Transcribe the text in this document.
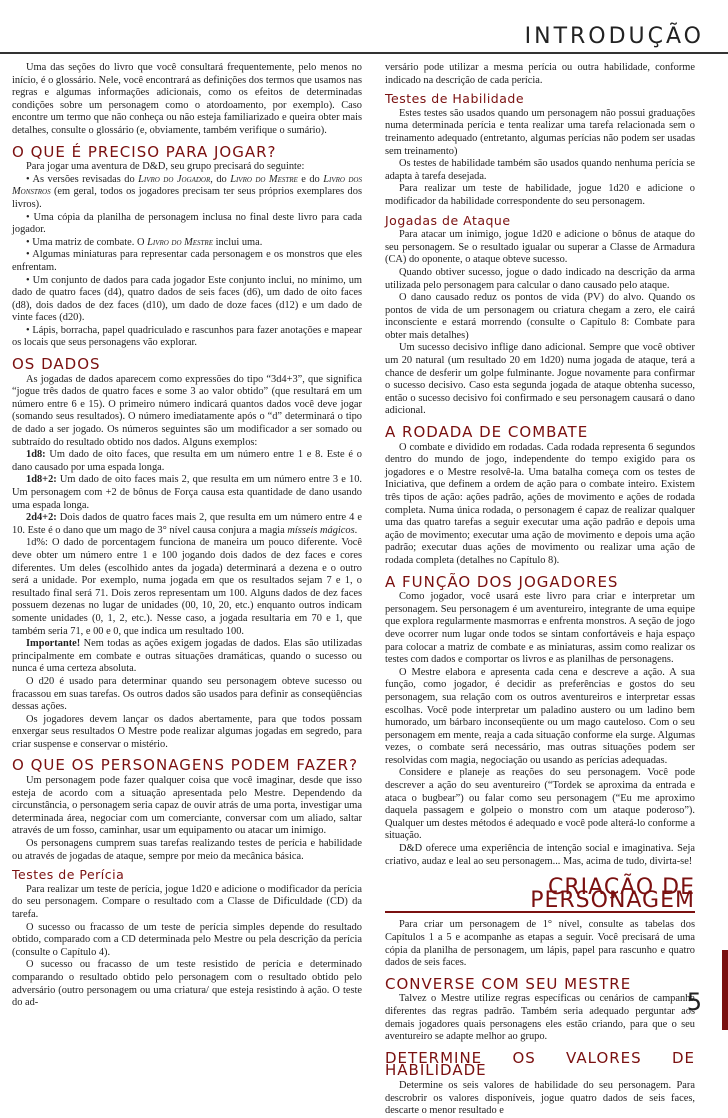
INTRODUÇÃO

Uma das seções do livro que você consultará frequentemente, pelo menos no início, é o glossário. Nele, você encontrará as definições dos termos que usamos nas regras e algumas informações adicionais, como os efeitos de determinadas condições sobre um personagem como o atordoamento, por exemplo). Caso encontre um termo que não conheça ou não esteja familiarizado e queira obter mais detalhes, consulte o glossário (e, obviamente, também verifique o sumário).

O QUE É PRECISO PARA JOGAR?

Para jogar uma aventura de D&D, seu grupo precisará do seguinte:

• As versões revisadas do Livro do Jogador, do Livro do Mestre e do Livro dos Monstros (em geral, todos os jogadores precisam ter seus próprios exemplares dos livros).

• Uma cópia da planilha de personagem inclusa no final deste livro para cada jogador.

• Uma matriz de combate. O Livro do Mestre inclui uma.

• Algumas miniaturas para representar cada personagem e os monstros que eles enfrentam.

• Um conjunto de dados para cada jogador Este conjunto inclui, no mínimo, um dado de quatro faces (d4), quatro dados de seis faces (d6), um dado de oito faces (d8), dois dados de dez faces (d10), um dado de doze faces (d12) e um dado de vinte faces (d20).

• Lápis, borracha, papel quadriculado e rascunhos para fazer anotações e mapear os locais que seus personagens vão explorar.

OS DADOS

As jogadas de dados aparecem como expressões do tipo “3d4+3”, que significa “jogue três dados de quatro faces e some 3 ao valor obtido” (que resultará em um número entre 6 e 15). O primeiro número indicará quantos dados você deve jogar (somando seus resultados). O número imediatamente após o “d” determinará o tipo de dado a ser jogado. Os números seguintes são um modificador a ser somado ou subtraído do resultado obtido nos dados. Alguns exemplos:

1d8: Um dado de oito faces, que resulta em um número entre 1 e 8. Este é o dano causado por uma espada longa.

1d8+2: Um dado de oito faces mais 2, que resulta em um número entre 3 e 10. Um personagem com +2 de bônus de Força causa esta quantidade de dano usando uma espada longa.

2d4+2: Dois dados de quatro faces mais 2, que resulta em um número entre 4 e 10. Este é o dano que um mago de 3° nível causa conjura a magia mísseis mágicos.

1d%: O dado de porcentagem funciona de maneira um pouco diferente. Você deve obter um número entre 1 e 100 jogando dois dados de dez faces e cores diferentes. Um deles (escolhido antes da jogada) determinará a dezena e o outro será a unidade. Por exemplo, numa jogada em que os resultados sejam 7 e 1, o resultado final será 71. Dois zeros representam um 100. Alguns dados de dez faces possuem dezenas no lugar de unidades (00, 10, 20, etc.) enquanto outros indicam somente unidades (0, 1, 2, etc.). Nesse caso, a jogada resultaria em 70 e 1, que também seria 71, e 00 e 0, que indica um resultado 100.

Importante! Nem todas as ações exigem jogadas de dados. Elas são utilizadas principalmente em combate e outras situações dramáticas, quando o sucesso ou nunca é uma certeza absoluta.

O d20 é usado para determinar quando seu personagem obteve sucesso ou fracassou em suas tarefas. Os outros dados são usados para definir as conseqüências dessas ações.

Os jogadores devem lançar os dados abertamente, para que todos possam enxergar seus resultados O Mestre pode realizar algumas jogadas em segredo, para criar suspense e conservar o mistério.

O QUE OS PERSONAGENS PODEM FAZER?

Um personagem pode fazer qualquer coisa que você imaginar, desde que isso esteja de acordo com a situação apresentada pelo Mestre. Dependendo da circunstância, o personagem seria capaz de ouvir atrás de uma porta, investigar uma determinada área, negociar com um comerciante, conversar com um aliado, saltar através de um fosso, caminhar, usar um equipamento ou atacar um inimigo.

Os personagens cumprem suas tarefas realizando testes de perícia e habilidade ou através de jogadas de ataque, sempre por meio da mecânica básica.

Testes de Perícia

Para realizar um teste de perícia, jogue 1d20 e adicione o modificador da perícia do seu personagem. Compare o resultado com a Classe de Dificuldade (CD) da tarefa.

O sucesso ou fracasso de um teste de perícia simples depende do resultado obtido, comparado com a CD determinada pelo Mestre ou pela descrição da perícia (consulte o Capítulo 4).

O sucesso ou fracasso de um teste resistido de perícia e determinado comparando o resultado obtido pelo personagem com o resultado obtido pelo adversário (outro personagem ou uma criatura/ que esteja resistindo à ação. O teste do ad-

versário pode utilizar a mesma perícia ou outra habilidade, conforme indicado na descrição de cada perícia.

Testes de Habilidade

Estes testes são usados quando um personagem não possui graduações numa determinada perícia e tenta realizar uma tarefa relacionada sem o treinamento adequado (entretanto, algumas perícias não podem ser usadas sem treinamento)

Os testes de habilidade também são usados quando nenhuma perícia se adapta à tarefa desejada.

Para realizar um teste de habilidade, jogue 1d20 e adicione o modificador da habilidade correspondente do seu personagem.

Jogadas de Ataque

Para atacar um inimigo, jogue 1d20 e adicione o bônus de ataque do seu personagem. Se o resultado igualar ou superar a Classe de Armadura (CA) do oponente, o ataque obteve sucesso.

Quando obtiver sucesso, jogue o dado indicado na descrição da arma utilizada pelo personagem para calcular o dano causado pelo ataque.

O dano causado reduz os pontos de vida (PV) do alvo. Quando os pontos de vida de um personagem ou criatura chegam a zero, ele cairá inconsciente e estará morrendo (consulte o Capítulo 8: Combate para obter mais detalhes)

Um sucesso decisivo inflige dano adicional. Sempre que você obtiver um 20 natural (um resultado 20 em 1d20) numa jogada de ataque, terá a chance de desferir um golpe fulminante. Jogue novamente para confirmar o sucesso decisivo. Caso esta segunda jogada de ataque obtenha sucesso, então o sucesso decisivo foi confirmado e seu personagem causará o dano adicional.

A RODADA DE COMBATE

O combate e dividido em rodadas. Cada rodada representa 6 segundos dentro do mundo de jogo, independente do tempo exigido para os jogadores e o Mestre resolvê-la. Uma batalha começa com os testes de Iniciativa, que definem a ordem de ação para o combate inteiro. Existem três tipos de ação: ações padrão, ações de movimento e ações de rodada completa. Numa única rodada, o personagem é capaz de realizar qualquer uma das quatro tarefas a seguir executar uma ação padrão e depois uma ação de movimento; executar uma ação de movimento e depois uma ação padrão; executar duas ações de movimento ou realizar uma ação de rodada completa (detalhes no Capítulo 8).

A FUNÇÃO DOS JOGADORES

Como jogador, você usará este livro para criar e interpretar um personagem. Seu personagem é um aventureiro, integrante de uma equipe que explora regularmente masmorras e enfrenta monstros. A seção de jogo deve ocorrer num lugar onde todos se sintam confortáveis e haja espaço para colocar a matriz de combate e as miniaturas, assim como realizar os testes com dados e comportar os livros e as planilhas de personagens.

O Mestre elabora e apresenta cada cena e descreve a ação. A sua função, como jogador, é decidir as preferências e gostos do seu personagem, sua relação com os outros aventureiros e interpretar essas escolhas. Você pode interpretar um paladino austero ou um ladino bem humorado, um bárbaro inconseqüente ou um mago cauteloso. Com o seu personagem em mente, reaja a cada situação conforme ela surge. Algumas vezes, o combate será necessário, mas outras situações podem ser resolvidas com magia, negociação ou usando as perícias adequadas.

Considere e planeje as reações do seu personagem. Você pode descrever a ação do seu aventureiro (“Tordek se aproxima da entrada e ataca o bugbear”) ou falar como seu personagem (“Eu me aproximo daquela passagem e golpeio o monstro com um ataque poderoso”). Qualquer um destes métodos é adequado e você pode alterá-lo conforme a situação.

D&D oferece uma experiência de intenção social e imaginativa. Seja criativo, audaz e leal ao seu personagem... Mas, acima de tudo, divirta-se!

CRIAÇÃO DE PERSONAGEM

Para criar um personagem de 1° nível, consulte as tabelas dos Capítulos 1 a 5 e acompanhe as etapas a seguir. Você precisará de uma cópia da planilha de personagem, um lápis, papel para rascunho e quatro dados de seis faces.

CONVERSE COM SEU MESTRE

Talvez o Mestre utilize regras específicas ou cenários de campanha diferentes das regras padrão. Também seria adequado perguntar aos demais jogadores quais personagens eles estão criando, para que o seu aventureiro se adapte melhor ao grupo.

DETERMINE OS VALORES DE HABILIDADE

Determine os seis valores de habilidade do seu personagem. Para descrobrir os valores disponíveis, jogue quatro dados de seis faces, descarte o menor resultado e

5
